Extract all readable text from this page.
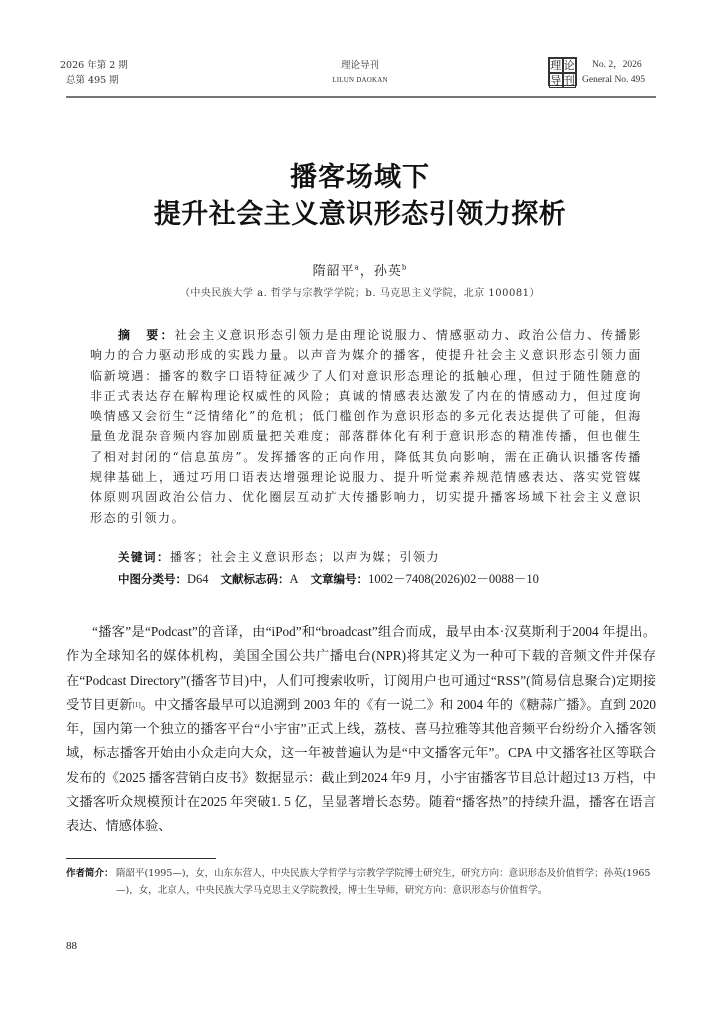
2026 年第 2 期
总第 495 期
理论导刊
LILUN DAOKAN
理 论
导 刊
No. 2，2026
General No. 495
播客场域下
提升社会主义意识形态引领力探析
隋韶平$^a$，孙英$^b$
（中央民族大学 a. 哲学与宗教学学院；b. 马克思主义学院，北京 100081）
摘　要：社会主义意识形态引领力是由理论说服力、情感驱动力、政治公信力、传播影响力的合力驱动形成的实践力量。以声音为媒介的播客，使提升社会主义意识形态引领力面临新境遇：播客的数字口语特征减少了人们对意识形态理论的抵触心理，但过于随性随意的非正式表达存在解构理论权威性的风险；真诚的情感表达激发了内在的情感动力，但过度询唤情感又会衍生“泛情绪化”的危机；低门槛创作为意识形态的多元化表达提供了可能，但海量鱼龙混杂音频内容加剧质量把关难度；部落群体化有利于意识形态的精准传播，但也催生了相对封闭的“信息茧房”。发挥播客的正向作用，降低其负向影响，需在正确认识播客传播规律基础上，通过巧用口语表达增强理论说服力、提升听觉素养规范情感表达、落实党管媒体原则巩固政治公信力、优化圈层互动扩大传播影响力，切实提升播客场域下社会主义意识形态的引领力。
关键词：播客；社会主义意识形态；以声为媒；引领力
中图分类号：D64 文献标志码：A 文章编号：1002－7408(2026)02－0088－10

“播客”是“Podcast”的音译，由“iPod”和“broadcast”组合而成，最早由本·汉莫斯利于2004 年提出。作为全球知名的媒体机构，美国全国公共广播电台(NPR)将其定义为一种可下载的音频文件并保存在“Podcast Directory”(播客节目)中，人们可搜索收听，订阅用户也可通过“RSS”(简易信息聚合)定期接受节目更新[1]。中文播客最早可以追溯到 2003 年的《有一说二》和 2004 年的《糖蒜广播》。直到 2020 年，国内第一个独立的播客平台“小宇宙”正式上线，荔枝、喜马拉雅等其他音频平台纷纷介入播客领域，标志播客开始由小众走向大众，这一年被普遍认为是“中文播客元年”。CPA 中文播客社区等联合发布的《2025 播客营销白皮书》数据显示：截止到2024 年9 月，小宇宙播客节目总计超过13 万档，中文播客听众规模预计在2025 年突破1. 5 亿，呈显著增长态势。随着“播客热”的持续升温，播客在语言表达、情感体验、

作者简介： 隋韶平(1995—)，女，山东东营人，中央民族大学哲学与宗教学学院博士研究生，研究方向：意识形态及价值哲学；孙英(1965—)，女，北京人，中央民族大学马克思主义学院教授，博士生导师，研究方向：意识形态与价值哲学。
88
